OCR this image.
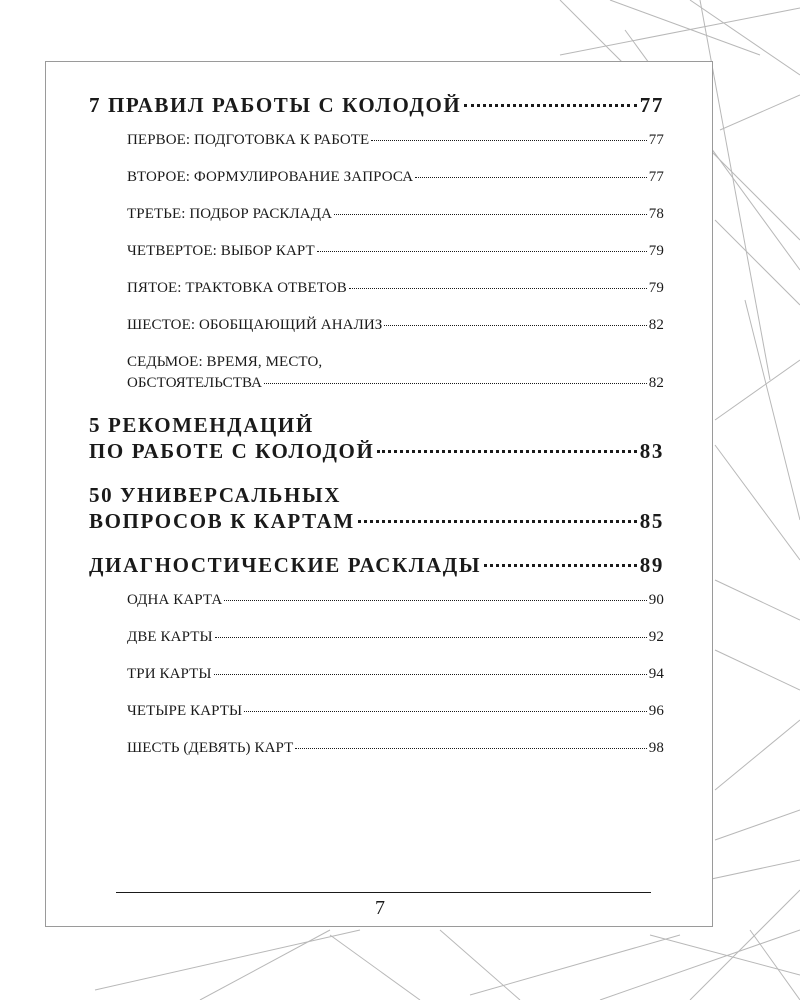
7 ПРАВИЛ РАБОТЫ С КОЛОДОЙ	77
ПЕРВОЕ: ПОДГОТОВКА К РАБОТЕ	77
ВТОРОЕ: ФОРМУЛИРОВАНИЕ ЗАПРОСА	77
ТРЕТЬЕ: ПОДБОР РАСКЛАДА	78
ЧЕТВЕРТОЕ: ВЫБОР КАРТ	79
ПЯТОЕ: ТРАКТОВКА ОТВЕТОВ	79
ШЕСТОЕ: ОБОБЩАЮЩИЙ АНАЛИЗ	82
СЕДЬМОЕ: ВРЕМЯ, МЕСТО,
ОБСТОЯТЕЛЬСТВА	82
5 РЕКОМЕНДАЦИЙ
ПО РАБОТЕ С КОЛОДОЙ	83
50 УНИВЕРСАЛЬНЫХ
ВОПРОСОВ К КАРТАМ	85
ДИАГНОСТИЧЕСКИЕ РАСКЛАДЫ	89
ОДНА КАРТА	90
ДВЕ КАРТЫ	92
ТРИ КАРТЫ	94
ЧЕТЫРЕ КАРТЫ	96
ШЕСТЬ (ДЕВЯТЬ) КАРТ	98
7
